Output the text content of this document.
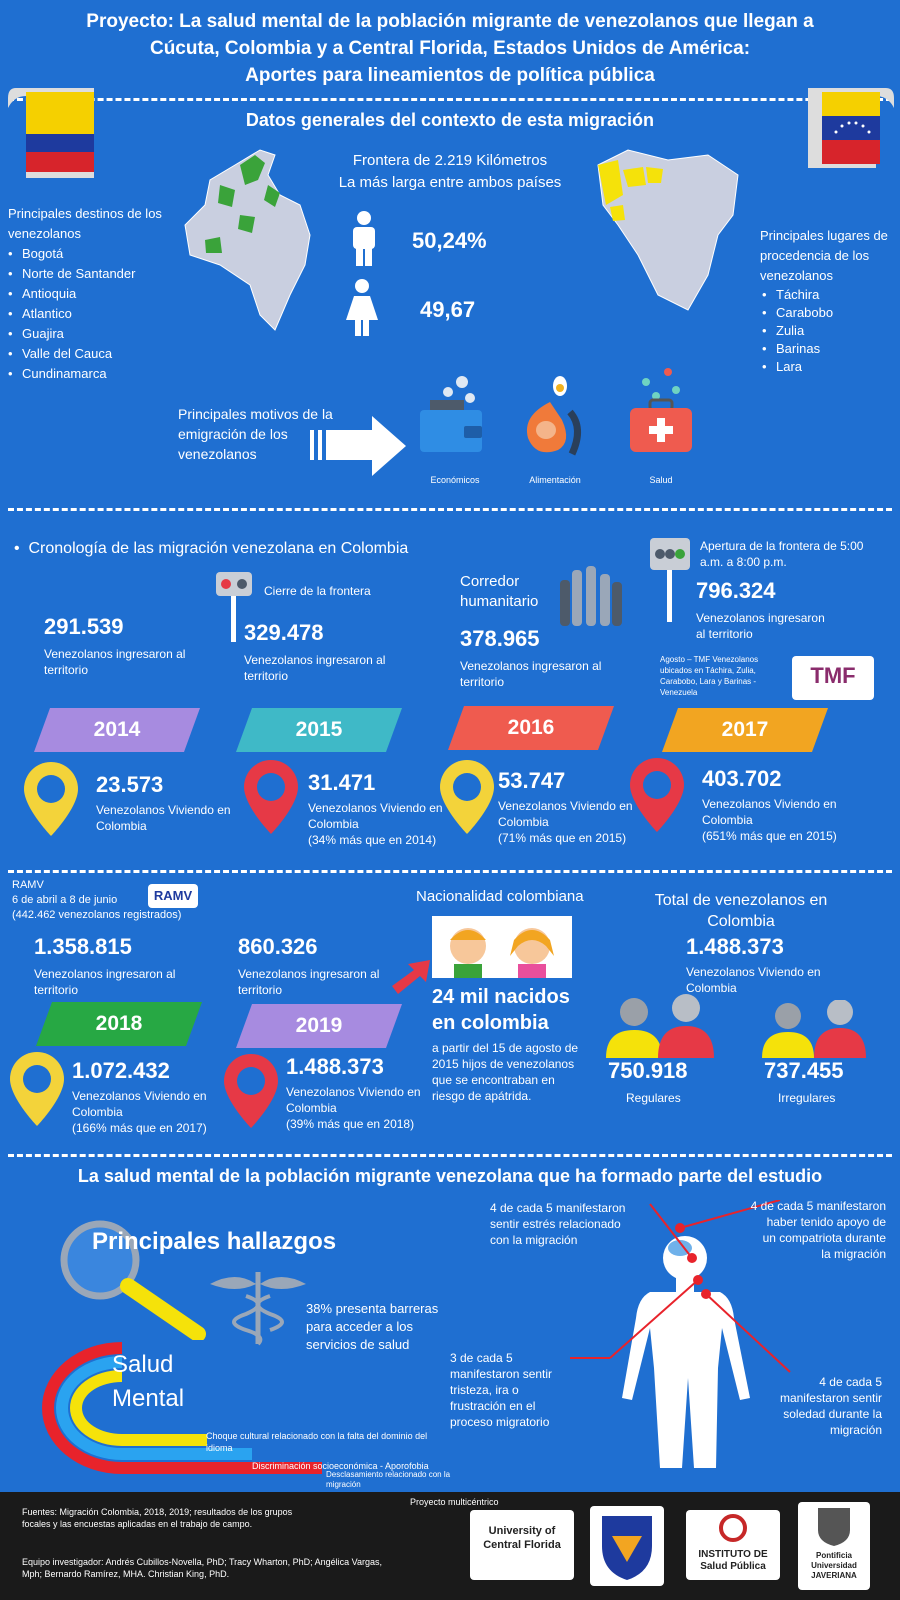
Proyecto: La salud mental de la población migrante de venezolanos que llegan a
Cúcuta, Colombia y a Central Florida, Estados Unidos de América:
Aportes para lineamientos de política pública
Datos generales del contexto de esta migración
Frontera de 2.219 Kilómetros
La más larga entre ambos países
50,24%
49,67
Principales destinos de los venezolanos
• Bogotá
• Norte de Santander
• Antioquia
• Atlantico
• Guajira
• Valle del Cauca
• Cundinamarca
Principales lugares de procedencia de los venezolanos
• Táchira
• Carabobo
• Zulia
• Barinas
• Lara
Principales motivos de la emigración de los venezolanos
Económicos	Alimentación	Salud
•  Cronología de las migración venezolana en Colombia
Cierre de la frontera
Corredor humanitario
Apertura de la frontera de 5:00 a.m. a 8:00 p.m.
291.539
Venezolanos ingresaron al territorio
329.478
Venezolanos ingresaron al territorio
378.965
Venezolanos ingresaron al territorio
796.324
Venezolanos ingresaron al territorio
Agosto – TMF Venezolanos ubicados en Táchira, Zulia, Carabobo, Lara y Barinas - Venezuela
TMF
2014	2015	2016	2017
23.573
Venezolanos Viviendo en Colombia
31.471
Venezolanos Viviendo en Colombia
(34% más que en 2014)
53.747
Venezolanos Viviendo en Colombia
(71% más que en 2015)
403.702
Venezolanos Viviendo en Colombia
(651% más que en 2015)
RAMV
6 de abril a 8 de junio
(442.462 venezolanos registrados)
RAMV
1.358.815
Venezolanos ingresaron al territorio
860.326
Venezolanos ingresaron al territorio
2018	2019
1.072.432
Venezolanos Viviendo en Colombia
(166% más que en 2017)
1.488.373
Venezolanos Viviendo en Colombia
(39% más que en 2018)
Nacionalidad colombiana
24 mil nacidos en colombia
a partir del 15 de agosto de 2015 hijos de venezolanos que se encontraban en riesgo de apátrida.
Total de venezolanos en Colombia
1.488.373
Venezolanos Viviendo en Colombia
750.918
Regulares
737.455
Irregulares
La salud mental de la población migrante venezolana que ha formado parte del estudio
Principales hallazgos
38% presenta barreras para acceder a los servicios de salud
Salud
Mental
Choque cultural relacionado con la falta del dominio del idioma
Discriminación socioeconómica - Aporofobia
Desclasamiento relacionado con la migración
4 de cada 5 manifestaron sentir estrés relacionado con la migración
4 de cada 5 manifestaron haber tenido apoyo de un compatriota durante la migración
3 de cada 5 manifestaron sentir tristeza, ira o frustración en el proceso migratorio
4 de cada 5 manifestaron sentir soledad durante la migración
Fuentes: Migración Colombia, 2018, 2019; resultados de los grupos focales y las encuestas aplicadas en el trabajo de campo.
Equipo investigador: Andrés Cubillos-Novella, PhD; Tracy Wharton, PhD; Angélica Vargas, Mph; Bernardo Ramírez, MHA. Christian King, PhD.
Proyecto multicéntrico
University of Central Florida
INSTITUTO DE Salud Pública
Pontificia Universidad JAVERIANA
